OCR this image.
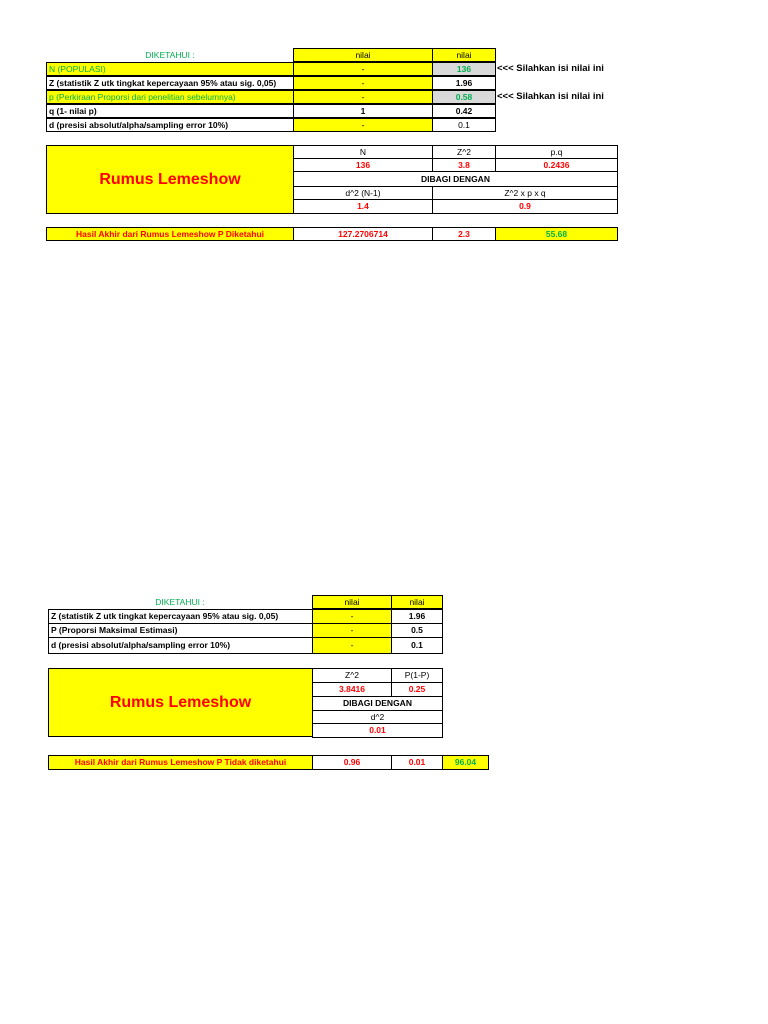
DIKETAHUI :	nilai	nilai
N (POPULASI)	-	136	<<< Silahkan isi nilai ini
Z (statistik Z utk tingkat kepercayaan 95% atau sig. 0,05)	-	1.96
p (Perkiraan Proporsi dari penelitian sebelumnya)	-	0.58	<<< Silahkan isi nilai ini
q (1- nilai p)	1	0.42
d (presisi absolut/alpha/sampling error 10%)	-	0.1
Rumus Lemeshow
N	Z^2	p.q
136	3.8	0.2436
DIBAGI DENGAN
d^2 (N-1)	Z^2 x p x q
1.4	0.9
Hasil Akhir dari Rumus Lemeshow P Diketahui	127.2706714	2.3	55.68
DIKETAHUI :	nilai	nilai
Z (statistik Z utk tingkat kepercayaan 95% atau sig. 0,05)	-	1.96
P (Proporsi Maksimal Estimasi)	-	0.5
d (presisi absolut/alpha/sampling error 10%)	-	0.1
Rumus Lemeshow
Z^2	P(1-P)
3.8416	0.25
DIBAGI DENGAN
d^2
0.01
Hasil Akhir dari Rumus Lemeshow P Tidak diketahui	0.96	0.01	96.04
